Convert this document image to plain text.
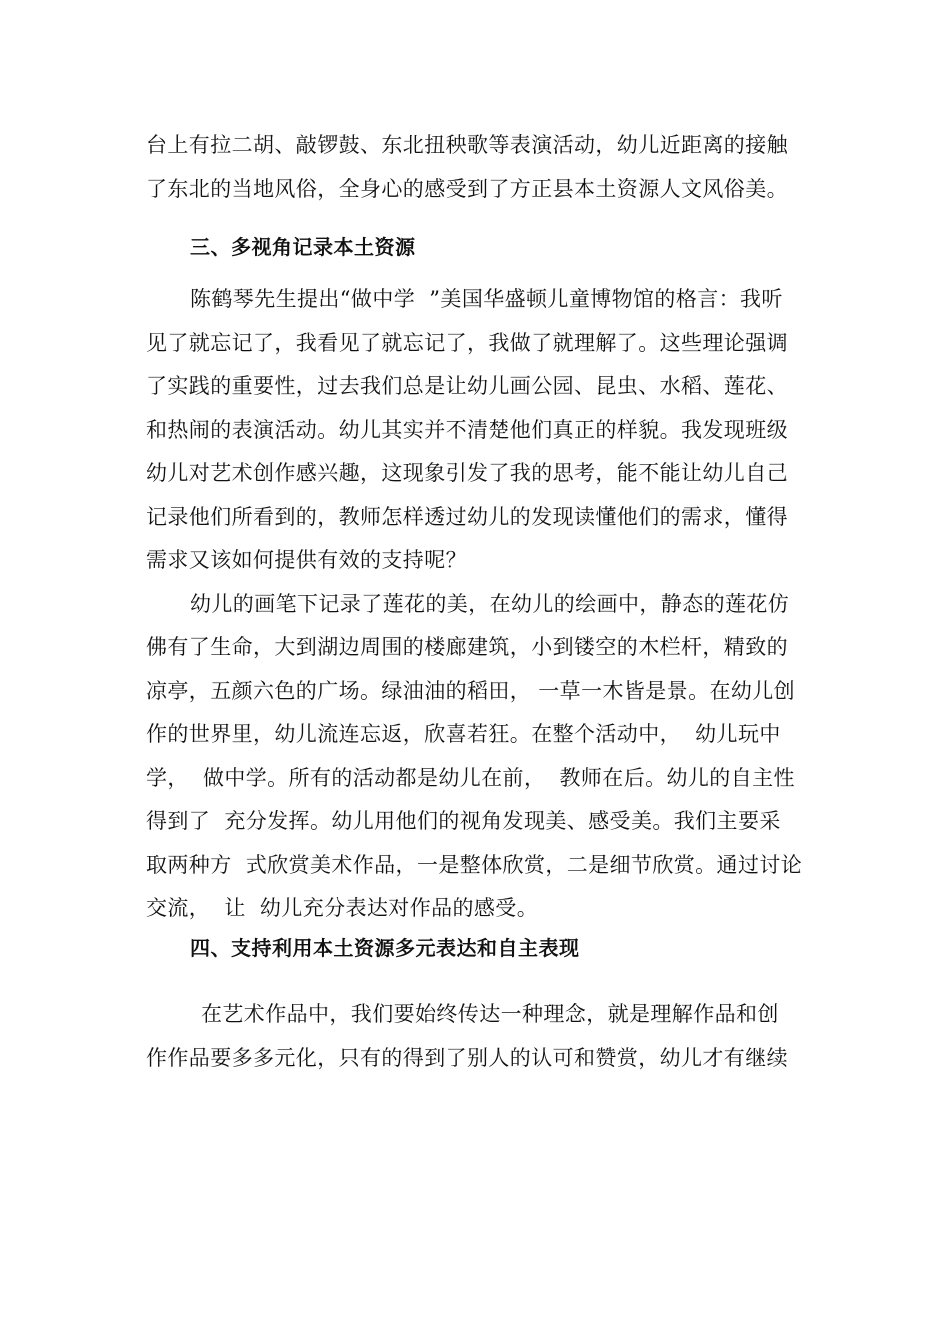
台上有拉二胡、敲锣鼓、东北扭秧歌等表演活动，幼儿近距离的接触
了东北的当地风俗，全身心的感受到了方正县本土资源人文风俗美。
三、多视角记录本土资源
陈鹤琴先生提出“做中学  ”美国华盛顿儿童博物馆的格言：我听
见了就忘记了，我看见了就忘记了，我做了就理解了。这些理论强调
了实践的重要性，过去我们总是让幼儿画公园、昆虫、水稻、莲花、
和热闹的表演活动。幼儿其实并不清楚他们真正的样貌。我发现班级
幼儿对艺术创作感兴趣，这现象引发了我的思考，能不能让幼儿自己
记录他们所看到的，教师怎样透过幼儿的发现读懂他们的需求，懂得
需求又该如何提供有效的支持呢？
幼儿的画笔下记录了莲花的美，在幼儿的绘画中，静态的莲花仿
佛有了生命，大到湖边周围的楼廊建筑，小到镂空的木栏杆，精致的
凉亭，五颜六色的广场。绿油油的稻田， 一草一木皆是景。在幼儿创
作的世界里，幼儿流连忘返，欣喜若狂。在整个活动中，  幼儿玩中
学，  做中学。所有的活动都是幼儿在前，  教师在后。幼儿的自主性
得到了  充分发挥。幼儿用他们的视角发现美、感受美。我们主要采
取两种方  式欣赏美术作品，一是整体欣赏，二是细节欣赏。通过讨论
交流，  让  幼儿充分表达对作品的感受。
四、支持利用本土资源多元表达和自主表现
在艺术作品中，我们要始终传达一种理念，就是理解作品和创
作作品要多多元化，只有的得到了别人的认可和赞赏，幼儿才有继续
